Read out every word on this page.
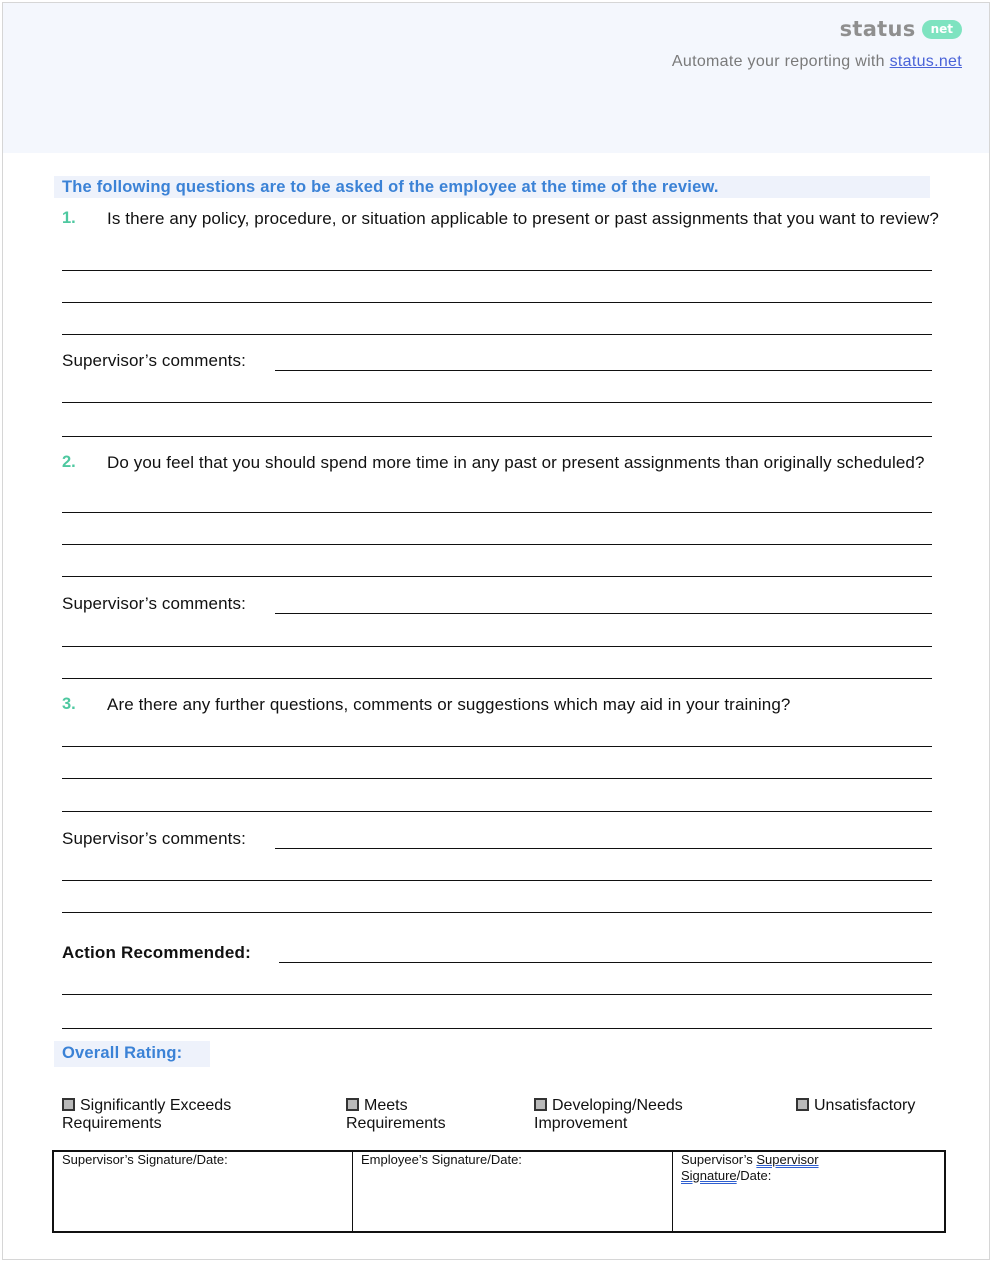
status	net
Automate your reporting with status.net
The following questions are to be asked of the employee at the time of the review.
1. Is there any policy, procedure, or situation applicable to present or past assignments that you want to review?
Supervisor’s comments:
2. Do you feel that you should spend more time in any past or present assignments than originally scheduled?
Supervisor’s comments:
3. Are there any further questions, comments or suggestions which may aid in your training?
Supervisor’s comments:
Action Recommended:
Overall Rating:
Significantly Exceeds
Requirements
Meets
Requirements
Developing/Needs
Improvement
Unsatisfactory
Supervisor’s Signature/Date:	Employee’s Signature/Date:	Supervisor’s Supervisor
Signature/Date:
